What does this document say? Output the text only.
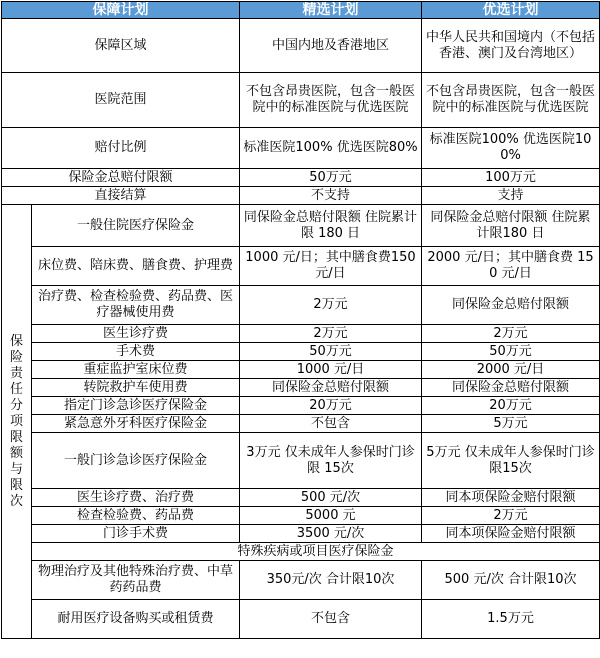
保障计划		精选计划	优选计划
保障区域		中国内地及香港地区	中华人民共和国境内（不包括香港、澳门及台湾地区）
医院范围		不包含昂贵医院，包含一般医院中的标准医院与优选医院	不包含昂贵医院，包含一般医院中的标准医院与优选医院
赔付比例		标准医院100% 优选医院80%	标准医院100% 优选医院100%
保险金总赔付限额		50万元	100万元
直接结算		不支持	支持
保险责任分项限额与限次	一般住院医疗保险金	同保险金总赔付限额 住院累计限 180 日	同保险金总赔付限额 住院累计限180 日
	床位费、陪床费、膳食费、护理费	1000 元/日；其中膳食费150元/日	2000 元/日；其中膳食费 150 元/日
	治疗费、检查检验费、药品费、医疗器械使用费	2万元	同保险金总赔付限额
	医生诊疗费	2万元	2万元
	手术费	50万元	50万元
	重症监护室床位费	1000 元/日	2000 元/日
	转院救护车使用费	同保险金总赔付限额	同保险金总赔付限额
	指定门诊急诊医疗保险金	20万元	20万元
	紧急意外牙科医疗保险金	不包含	5万元
	一般门诊急诊医疗保险金	3万元 仅未成年人参保时门诊限 15次	5万元 仅未成年人参保时门诊限15次
	医生诊疗费、治疗费	500 元/次	同本项保险金赔付限额
	检查检验费、药品费	5000 元	2万元
	门诊手术费	3500 元/次	同本项保险金赔付限额
	特殊疾病或项目医疗保险金		
	物理治疗及其他特殊治疗费、中草药药品费	350元/次 合计限10次	500 元/次 合计限10次
	耐用医疗设备购买或租赁费	不包含	1.5万元
